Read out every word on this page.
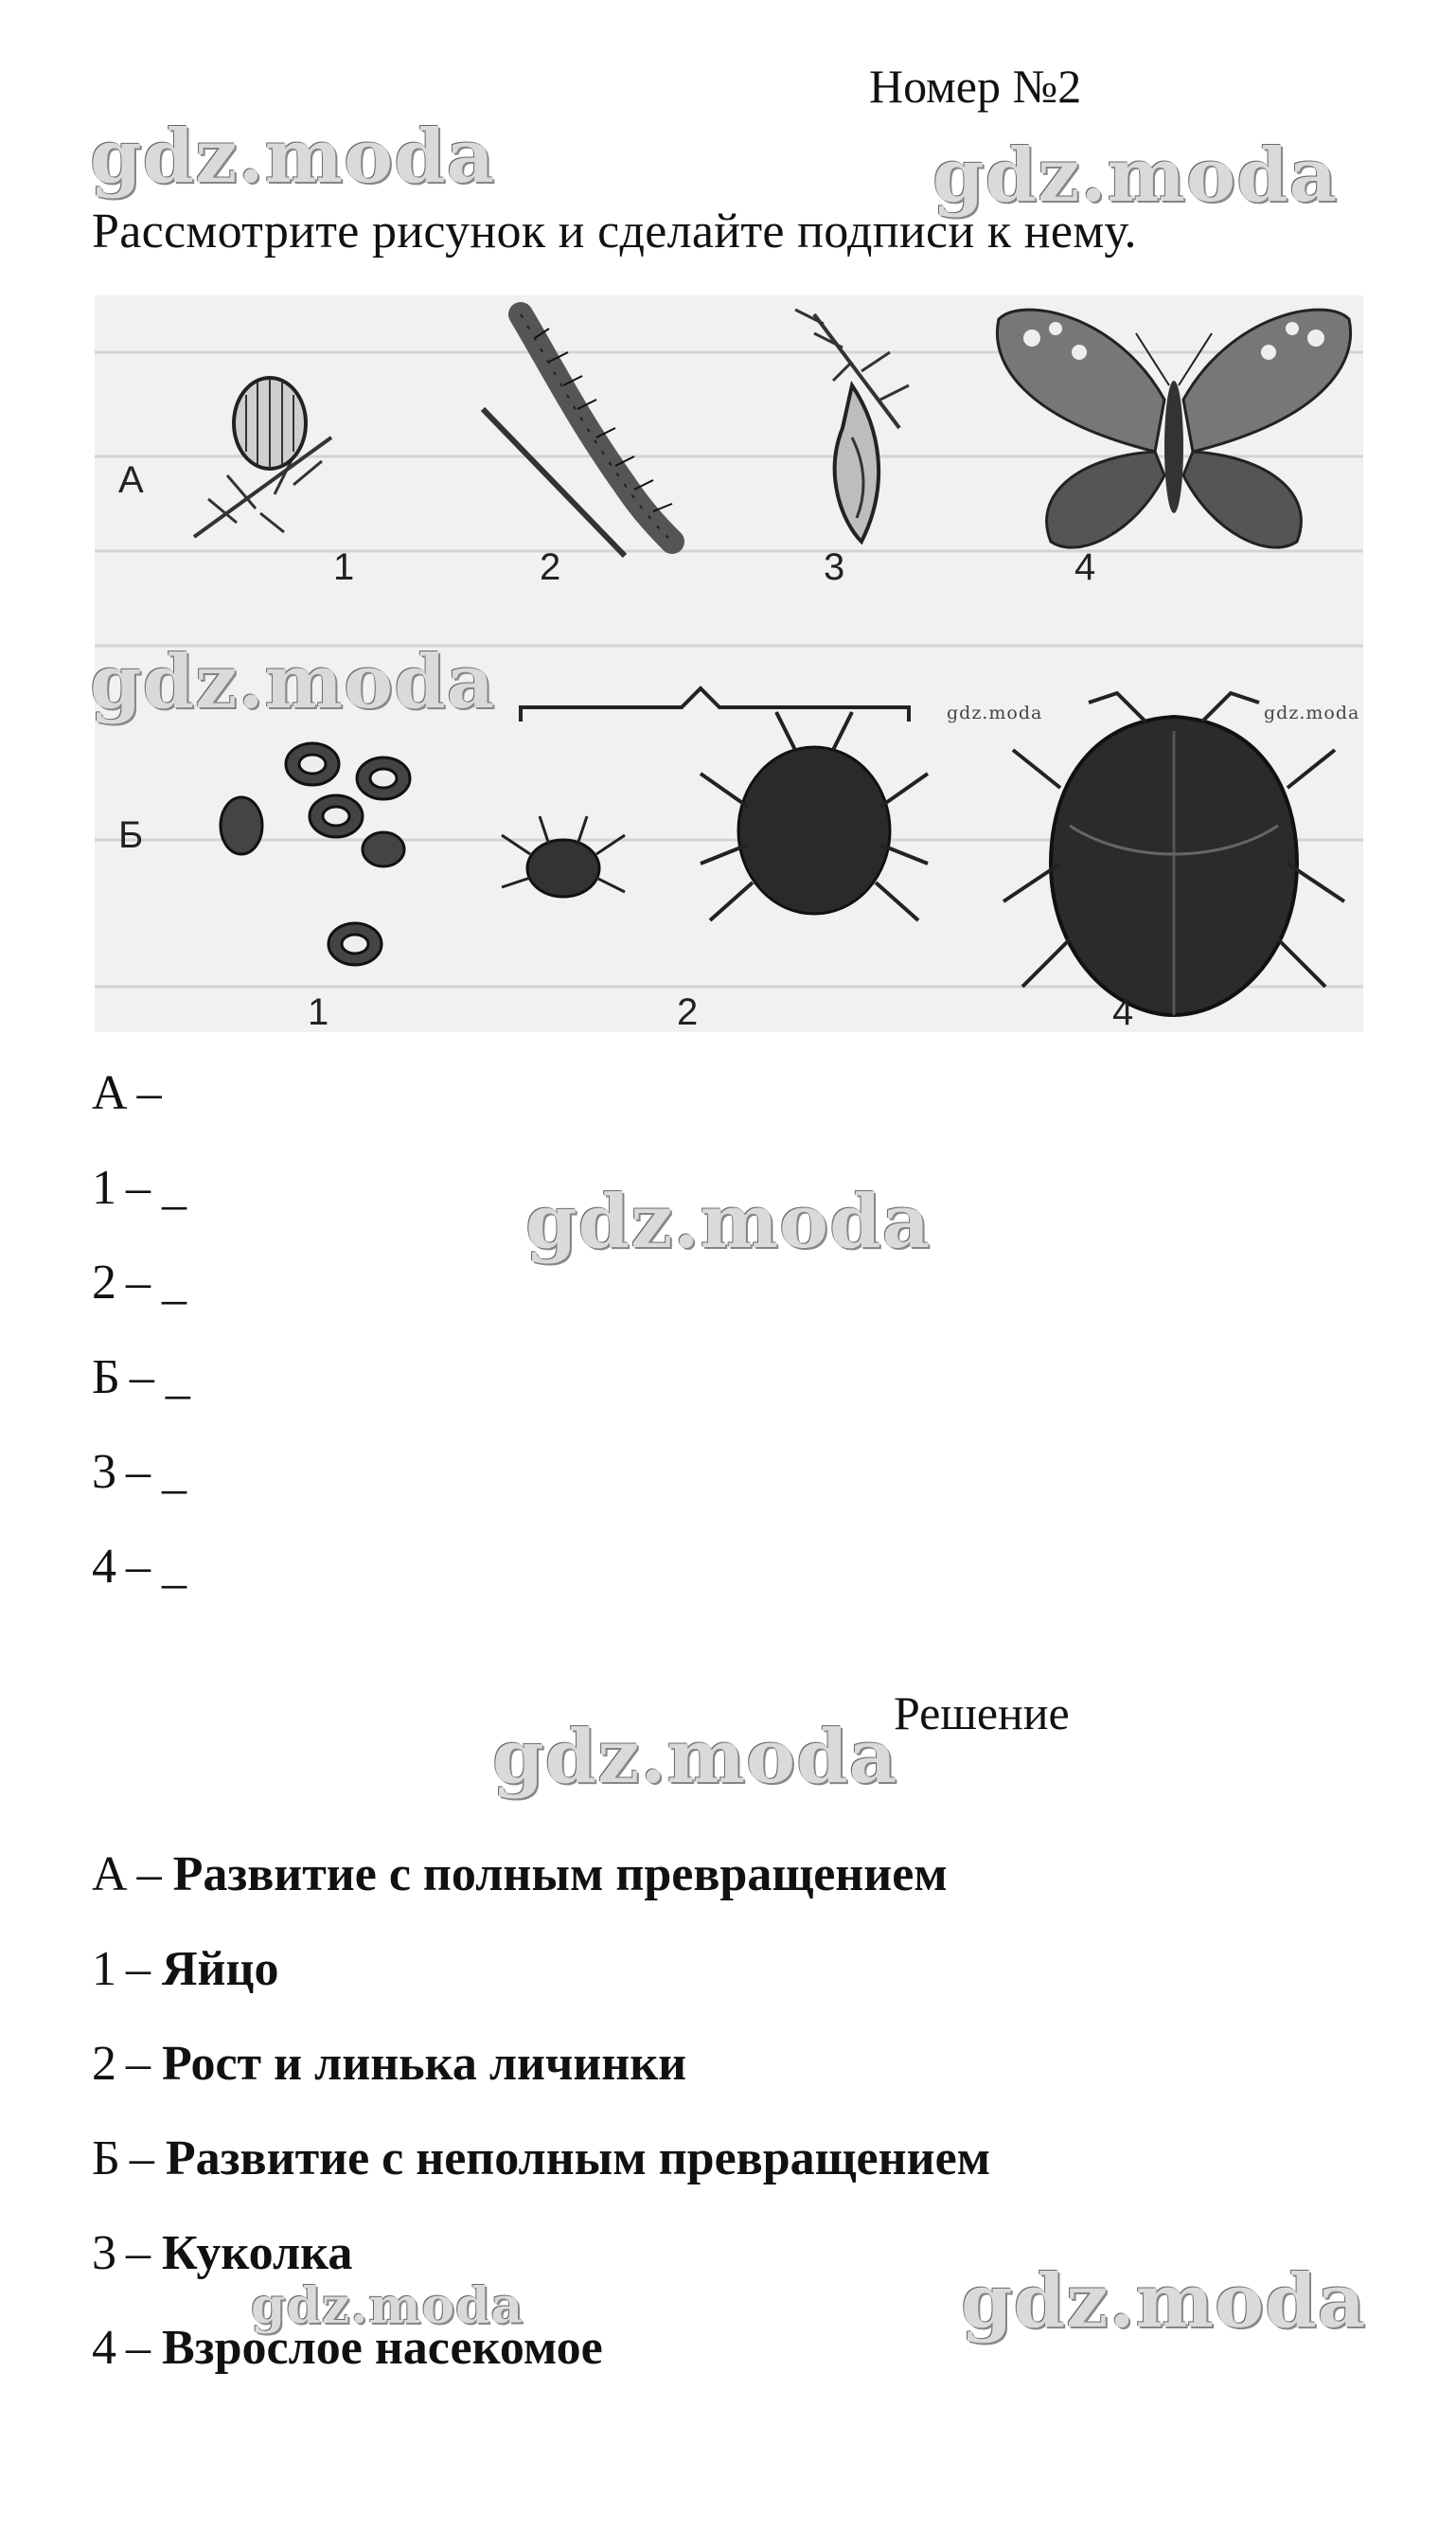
Номер №2
gdz.moda	gdz.moda
Рассмотрите рисунок и сделайте подписи к нему.
А
1	2	3	4
Б
1	2	4
gdz.moda	gdz.moda	gdz.moda
А –
1 – _
2 – _
Б – _
3 – _
4 – _
gdz.moda
gdz.moda
Решение
А – Развитие с полным превращением
1 – Яйцо
2 – Рост и линька личинки
Б – Развитие с неполным превращением
3 – Куколка
4 – Взрослое насекомое
gdz.moda	gdz.moda
